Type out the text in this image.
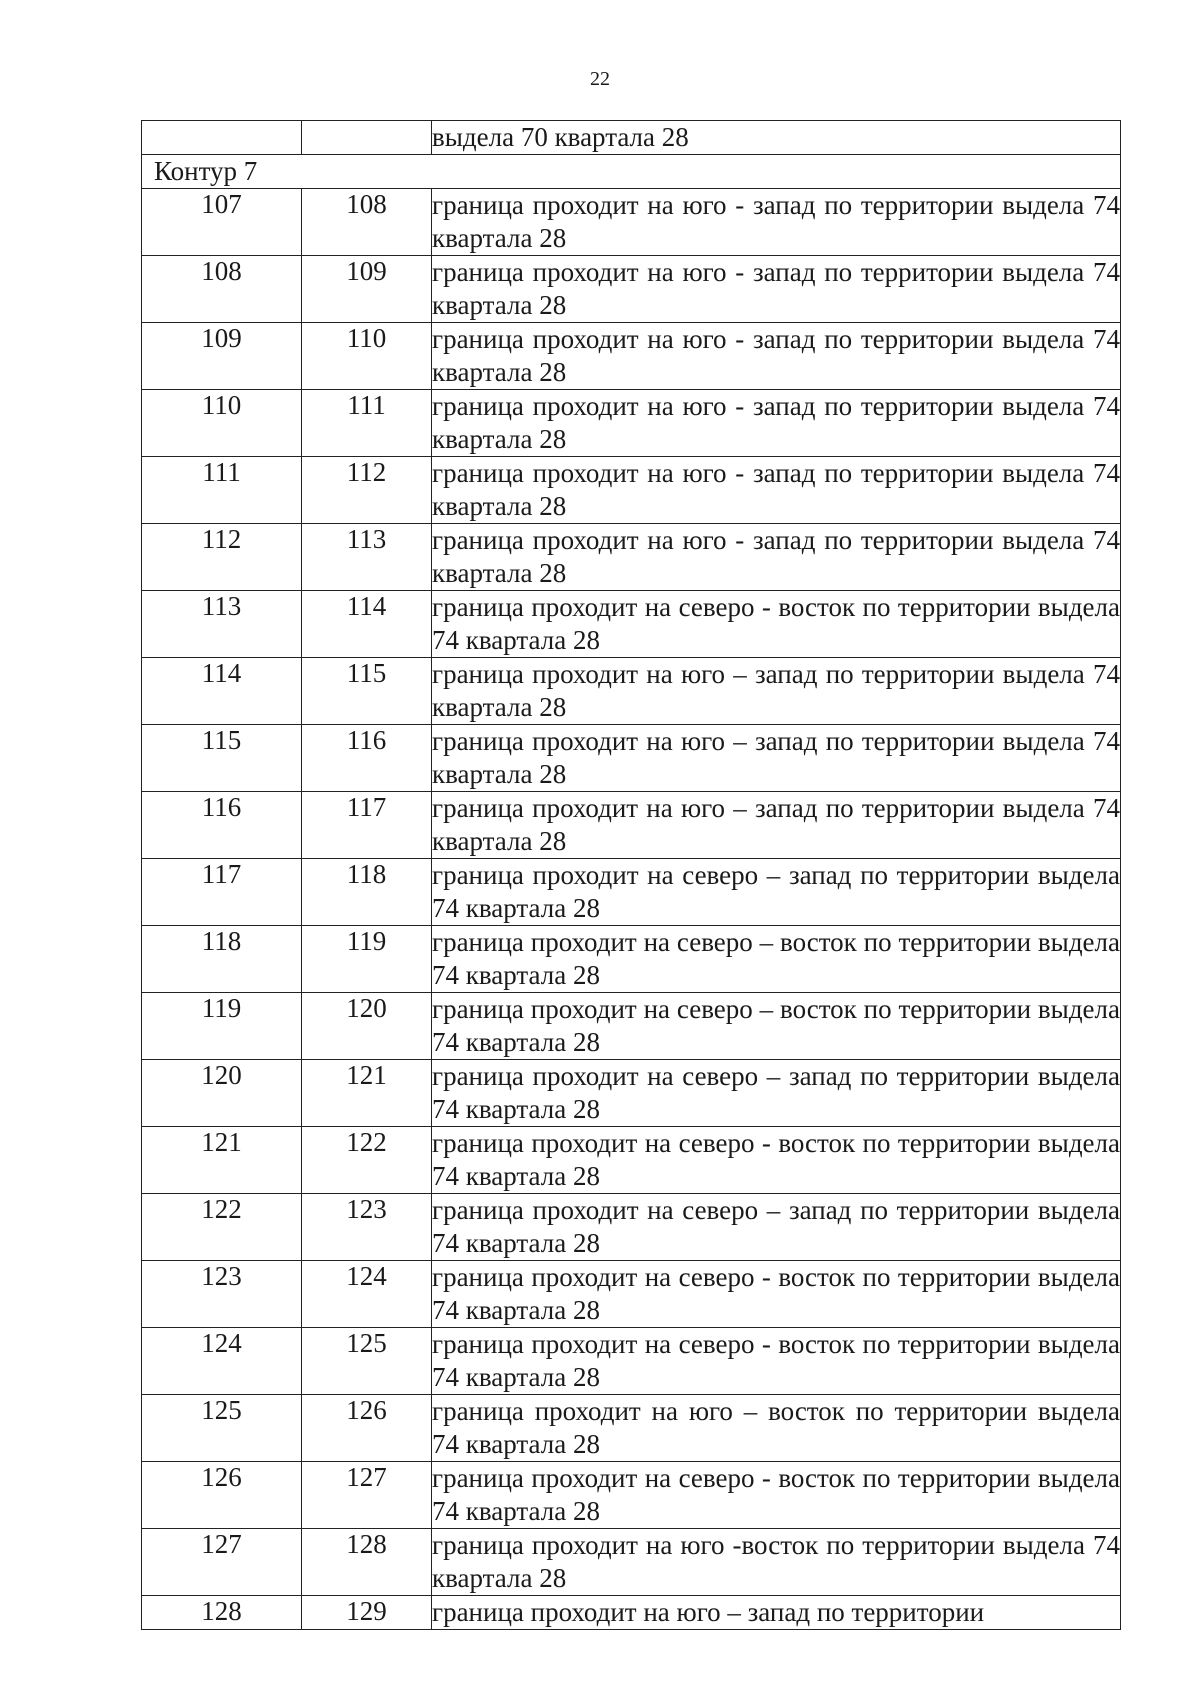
22
		выдела 70 квартала 28
Контур 7		
107	108	граница проходит на юго - запад по территории выдела 74 квартала 28
108	109	граница проходит на юго - запад по территории выдела 74 квартала 28
109	110	граница проходит на юго - запад по территории выдела 74 квартала 28
110	111	граница проходит на юго - запад по территории выдела 74 квартала 28
111	112	граница проходит на юго - запад по территории выдела 74 квартала 28
112	113	граница проходит на юго - запад по территории выдела 74 квартала 28
113	114	граница проходит на северо - восток по территории выдела 74 квартала 28
114	115	граница проходит на юго – запад по территории выдела 74 квартала 28
115	116	граница проходит на юго – запад по территории выдела 74 квартала 28
116	117	граница проходит на юго – запад по территории выдела 74 квартала 28
117	118	граница проходит на северо – запад по территории выдела 74 квартала 28
118	119	граница проходит на северо – восток по территории выдела 74 квартала 28
119	120	граница проходит на северо – восток по территории выдела 74 квартала 28
120	121	граница проходит на северо – запад по территории выдела 74 квартала 28
121	122	граница проходит на северо - восток по территории выдела 74 квартала 28
122	123	граница проходит на северо – запад по территории выдела 74 квартала 28
123	124	граница проходит на северо - восток по территории выдела 74 квартала 28
124	125	граница проходит на северо - восток по территории выдела 74 квартала 28
125	126	граница проходит на юго – восток по территории выдела 74 квартала 28
126	127	граница проходит на северо - восток по территории выдела 74 квартала 28
127	128	граница проходит на юго -восток по территории выдела 74 квартала 28
128	129	граница проходит на юго – запад по территории
